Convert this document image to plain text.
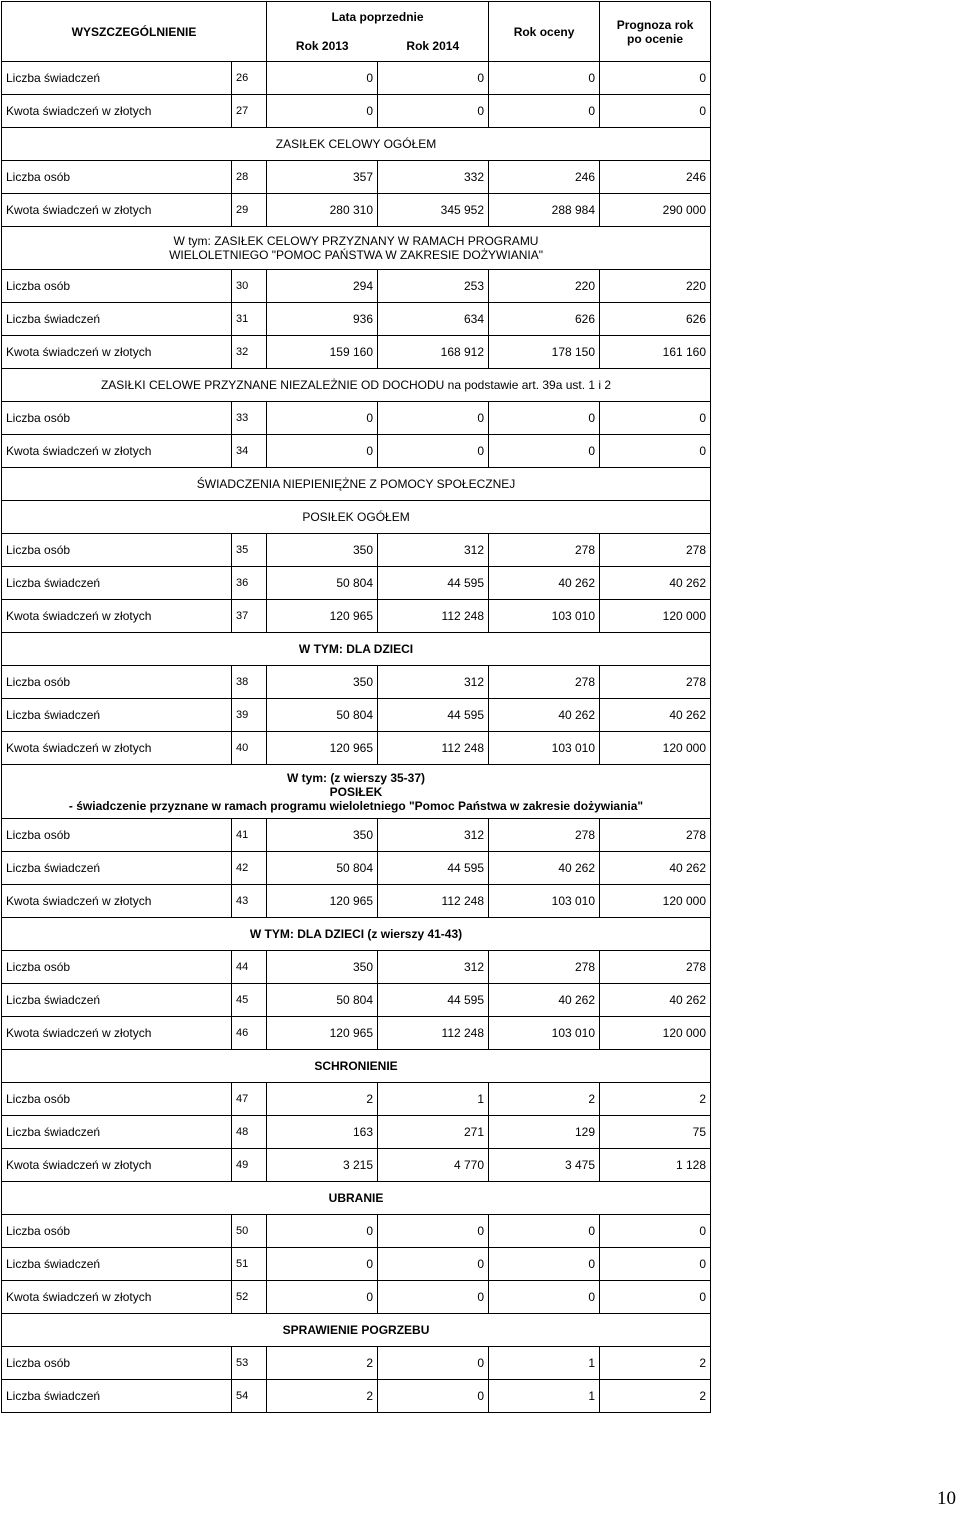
WYSZCZEGÓLNIENIE		Lata poprzednie		Rok oceny	Prognoza rok
po ocenie

		Rok 2013	Rok 2014		
Liczba świadczeń	26	0	0	0	0
Kwota świadczeń w złotych	27	0	0	0	0

ZASIŁEK CELOWY OGÓŁEM					

Liczba osób	28	357	332	246	246
Kwota świadczeń w złotych	29	280 310	345 952	288 984	290 000

W tym: ZASIŁEK CELOWY PRZYZNANY W RAMACH PROGRAMU
WIELOLETNIEGO "POMOC PAŃSTWA W ZAKRESIE DOŻYWIANIA"					

Liczba osób	30	294	253	220	220
Liczba świadczeń	31	936	634	626	626
Kwota świadczeń w złotych	32	159 160	168 912	178 150	161 160

ZASIŁKI CELOWE PRZYZNANE NIEZALEŻNIE OD DOCHODU na podstawie art. 39a ust. 1 i 2					

Liczba osób	33	0	0	0	0
Kwota świadczeń w złotych	34	0	0	0	0

ŚWIADCZENIA NIEPIENIĘŻNE Z POMOCY SPOŁECZNEJ					

POSIŁEK OGÓŁEM					

Liczba osób	35	350	312	278	278
Liczba świadczeń	36	50 804	44 595	40 262	40 262
Kwota świadczeń w złotych	37	120 965	112 248	103 010	120 000

W TYM: DLA DZIECI					

Liczba osób	38	350	312	278	278
Liczba świadczeń	39	50 804	44 595	40 262	40 262
Kwota świadczeń w złotych	40	120 965	112 248	103 010	120 000

W tym: (z wierszy 35-37)
POSIŁEK
- świadczenie przyznane w ramach programu wieloletniego "Pomoc Państwa w zakresie dożywiania"					

Liczba osób	41	350	312	278	278
Liczba świadczeń	42	50 804	44 595	40 262	40 262
Kwota świadczeń w złotych	43	120 965	112 248	103 010	120 000

W TYM: DLA DZIECI (z wierszy 41-43)					

Liczba osób	44	350	312	278	278
Liczba świadczeń	45	50 804	44 595	40 262	40 262
Kwota świadczeń w złotych	46	120 965	112 248	103 010	120 000

SCHRONIENIE					

Liczba osób	47	2	1	2	2
Liczba świadczeń	48	163	271	129	75
Kwota świadczeń w złotych	49	3 215	4 770	3 475	1 128

UBRANIE					

Liczba osób	50	0	0	0	0
Liczba świadczeń	51	0	0	0	0
Kwota świadczeń w złotych	52	0	0	0	0

SPRAWIENIE POGRZEBU					

Liczba osób	53	2	0	1	2
Liczba świadczeń	54	2	0	1	2
10
